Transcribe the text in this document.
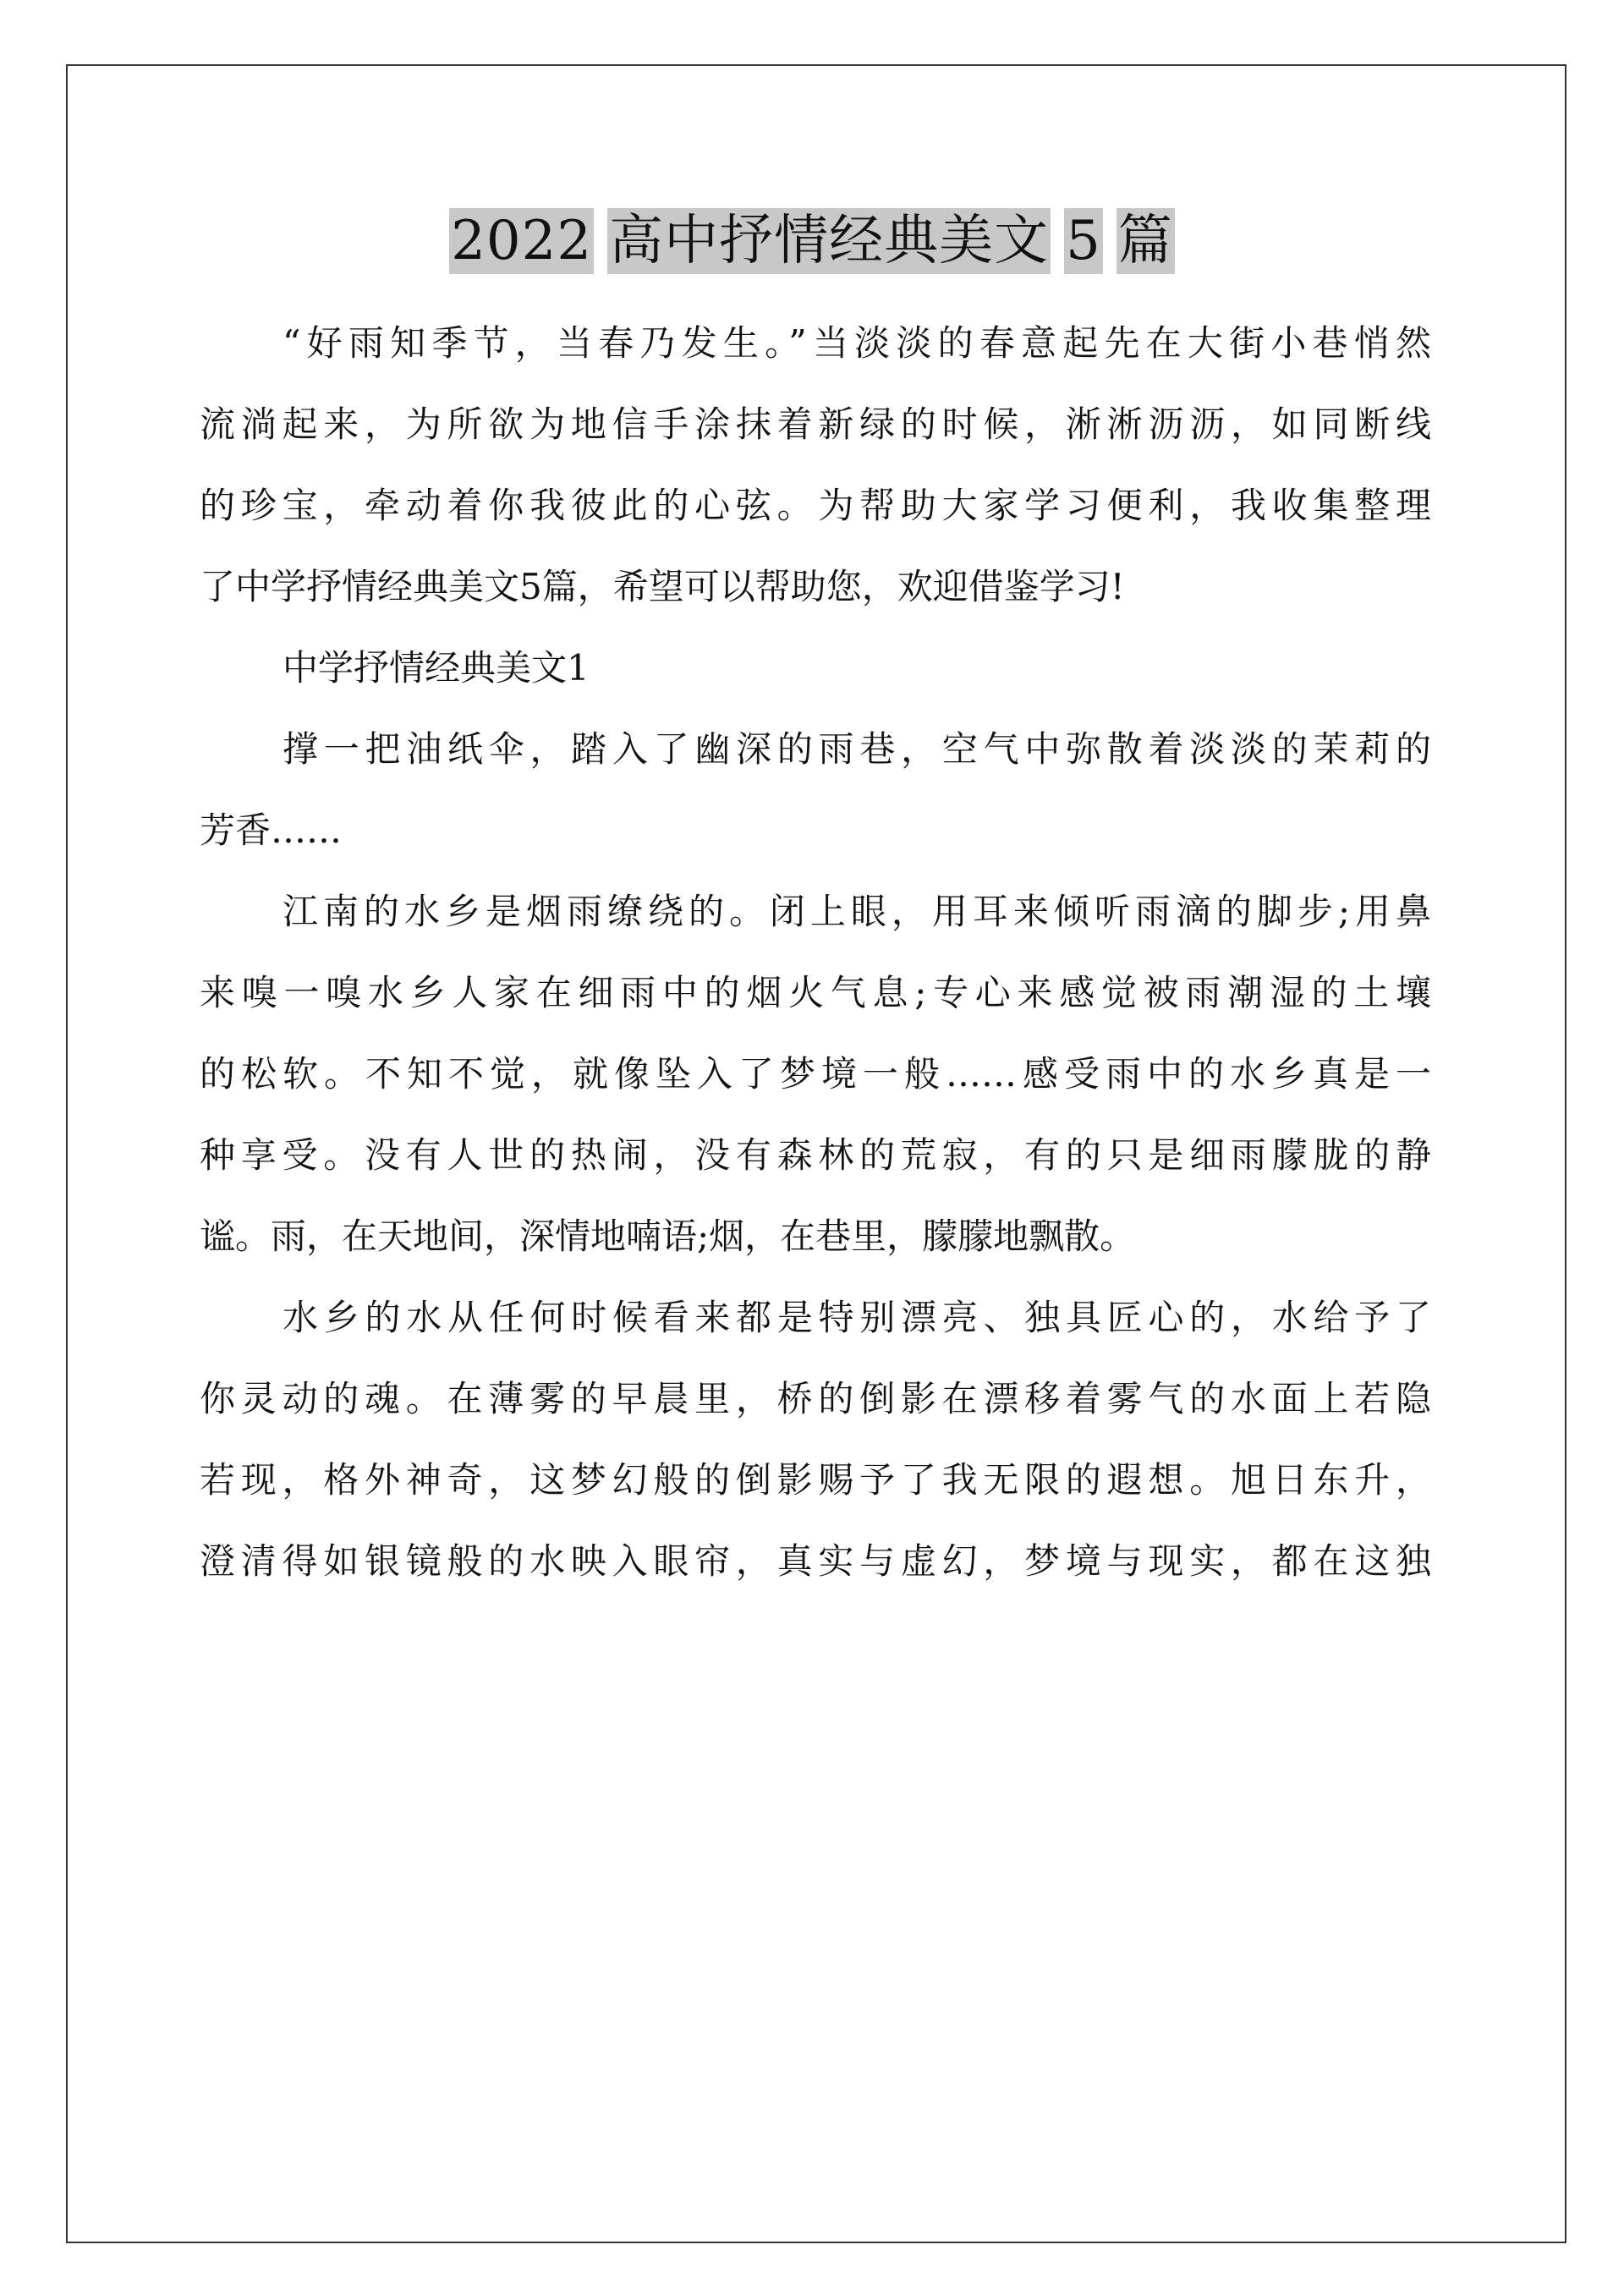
2022 高中抒情经典美文 5 篇
“好雨知季节，当春乃发生。”当淡淡的春意起先在大街小巷悄然
流淌起来，为所欲为地信手涂抹着新绿的时候，淅淅沥沥，如同断线
的珍宝，牵动着你我彼此的心弦。为帮助大家学习便利，我收集整理
了中学抒情经典美文5篇，希望可以帮助您，欢迎借鉴学习!
中学抒情经典美文1
撑一把油纸伞，踏入了幽深的雨巷，空气中弥散着淡淡的茉莉的
芳香……
江南的水乡是烟雨缭绕的。闭上眼，用耳来倾听雨滴的脚步;用鼻
来嗅一嗅水乡人家在细雨中的烟火气息;专心来感觉被雨潮湿的土壤
的松软。不知不觉，就像坠入了梦境一般……感受雨中的水乡真是一
种享受。没有人世的热闹，没有森林的荒寂，有的只是细雨朦胧的静
谧。雨，在天地间，深情地喃语;烟，在巷里，朦朦地飘散。
水乡的水从任何时候看来都是特别漂亮、独具匠心的，水给予了
你灵动的魂。在薄雾的早晨里，桥的倒影在漂移着雾气的水面上若隐
若现，格外神奇，这梦幻般的倒影赐予了我无限的遐想。旭日东升，
澄清得如银镜般的水映入眼帘，真实与虚幻，梦境与现实，都在这独
